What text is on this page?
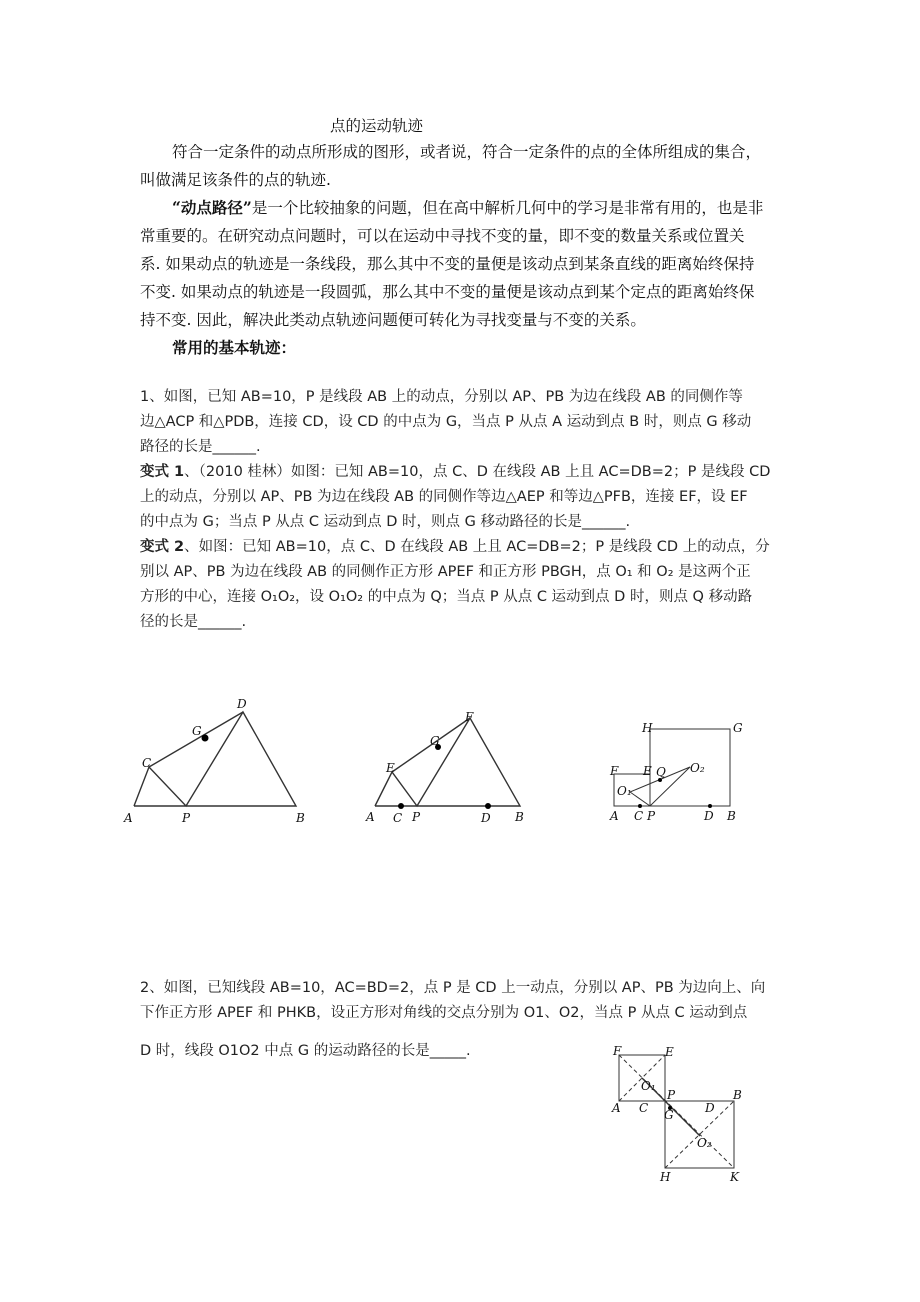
点的运动轨迹
符合一定条件的动点所形成的图形，或者说，符合一定条件的点的全体所组成的集合，
叫做满足该条件的点的轨迹.
“动点路径”是一个比较抽象的问题，但在高中解析几何中的学习是非常有用的，也是非
常重要的。在研究动点问题时，可以在运动中寻找不变的量，即不变的数量关系或位置关
系. 如果动点的轨迹是一条线段，那么其中不变的量便是该动点到某条直线的距离始终保持
不变. 如果动点的轨迹是一段圆弧，那么其中不变的量便是该动点到某个定点的距离始终保
持不变. 因此，解决此类动点轨迹问题便可转化为寻找变量与不变的关系。
常用的基本轨迹：
1、如图，已知 AB=10，P 是线段 AB 上的动点，分别以 AP、PB 为边在线段 AB 的同侧作等
边△ACP 和△PDB，连接 CD，设 CD 的中点为 G，当点 P 从点 A 运动到点 B 时，则点 G 移动
路径的长是______.
变式 1、（2010 桂林）如图：已知 AB=10，点 C、D 在线段 AB 上且 AC=DB=2；P 是线段 CD
上的动点，分别以 AP、PB 为边在线段 AB 的同侧作等边△AEP 和等边△PFB，连接 EF，设 EF
的中点为 G；当点 P 从点 C 运动到点 D 时，则点 G 移动路径的长是______.
变式 2、如图：已知 AB=10，点 C、D 在线段 AB 上且 AC=DB=2；P 是线段 CD 上的动点，分
别以 AP、PB 为边在线段 AB 的同侧作正方形 APEF 和正方形 PBGH，点 O₁ 和 O₂ 是这两个正
方形的中心，连接 O₁O₂，设 O₁O₂ 的中点为 Q；当点 P 从点 C 运动到点 D 时，则点 Q 移动路
径的长是______.
2、如图，已知线段 AB=10，AC=BD=2，点 P 是 CD 上一动点，分别以 AP、PB 为边向上、向
下作正方形 APEF 和 PHKB，设正方形对角线的交点分别为 O1、O2，当点 P 从点 C 运动到点
D 时，线段 O1O2 中点 G 的运动路径的长是_____.
A	P	B
C
D
G
A C P	D B
E
F
G
A C P	D B
F E
H	G
O₁
O₂
Q
F	E
A C
P
D
B
G
H	K
O₁
O₂
